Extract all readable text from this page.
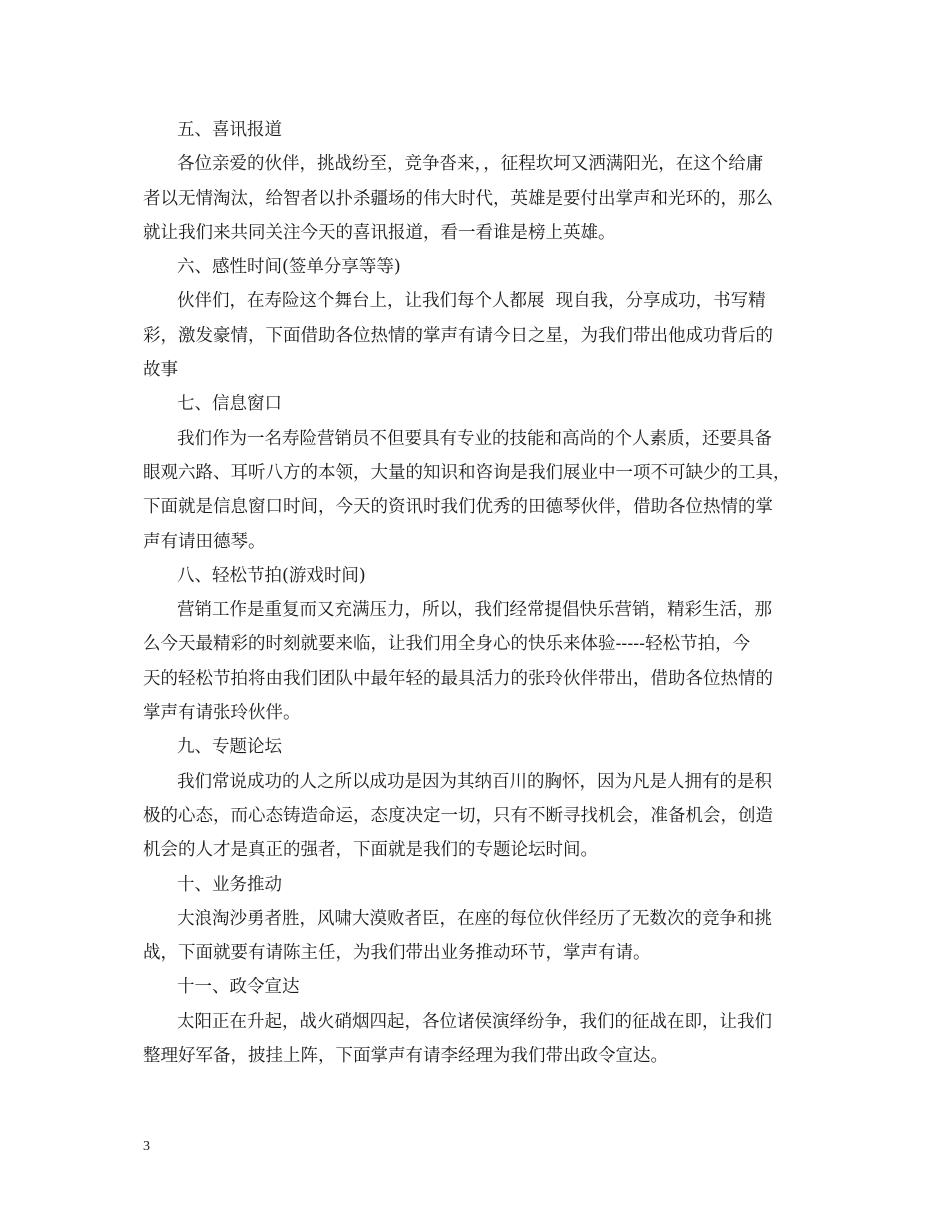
五、喜讯报道
各位亲爱的伙伴，挑战纷至，竞争沓来，，征程坎坷又洒满阳光，在这个给庸
者以无情淘汰，给智者以扑杀疆场的伟大时代，英雄是要付出掌声和光环的，那么
就让我们来共同关注今天的喜讯报道，看一看谁是榜上英雄。
六、感性时间(签单分享等等)
伙伴们，在寿险这个舞台上，让我们每个人都展  现自我，分享成功，书写精
彩，激发豪情，下面借助各位热情的掌声有请今日之星，为我们带出他成功背后的
故事
七、信息窗口
我们作为一名寿险营销员不但要具有专业的技能和高尚的个人素质，还要具备
眼观六路、耳听八方的本领，大量的知识和咨询是我们展业中一项不可缺少的工具，
下面就是信息窗口时间，今天的资讯时我们优秀的田德琴伙伴，借助各位热情的掌
声有请田德琴。
八、轻松节拍(游戏时间)
营销工作是重复而又充满压力，所以，我们经常提倡快乐营销，精彩生活，那
么今天最精彩的时刻就要来临，让我们用全身心的快乐来体验-----轻松节拍，今
天的轻松节拍将由我们团队中最年轻的最具活力的张玲伙伴带出，借助各位热情的
掌声有请张玲伙伴。
九、专题论坛
我们常说成功的人之所以成功是因为其纳百川的胸怀，因为凡是人拥有的是积
极的心态，而心态铸造命运，态度决定一切，只有不断寻找机会，准备机会，创造
机会的人才是真正的强者，下面就是我们的专题论坛时间。
十、业务推动
大浪淘沙勇者胜，风啸大漠败者臣，在座的每位伙伴经历了无数次的竞争和挑
战，下面就要有请陈主任，为我们带出业务推动环节，掌声有请。
十一、政令宣达
太阳正在升起，战火硝烟四起，各位诸侯演绎纷争，我们的征战在即，让我们
整理好军备，披挂上阵，下面掌声有请李经理为我们带出政令宣达。
3
